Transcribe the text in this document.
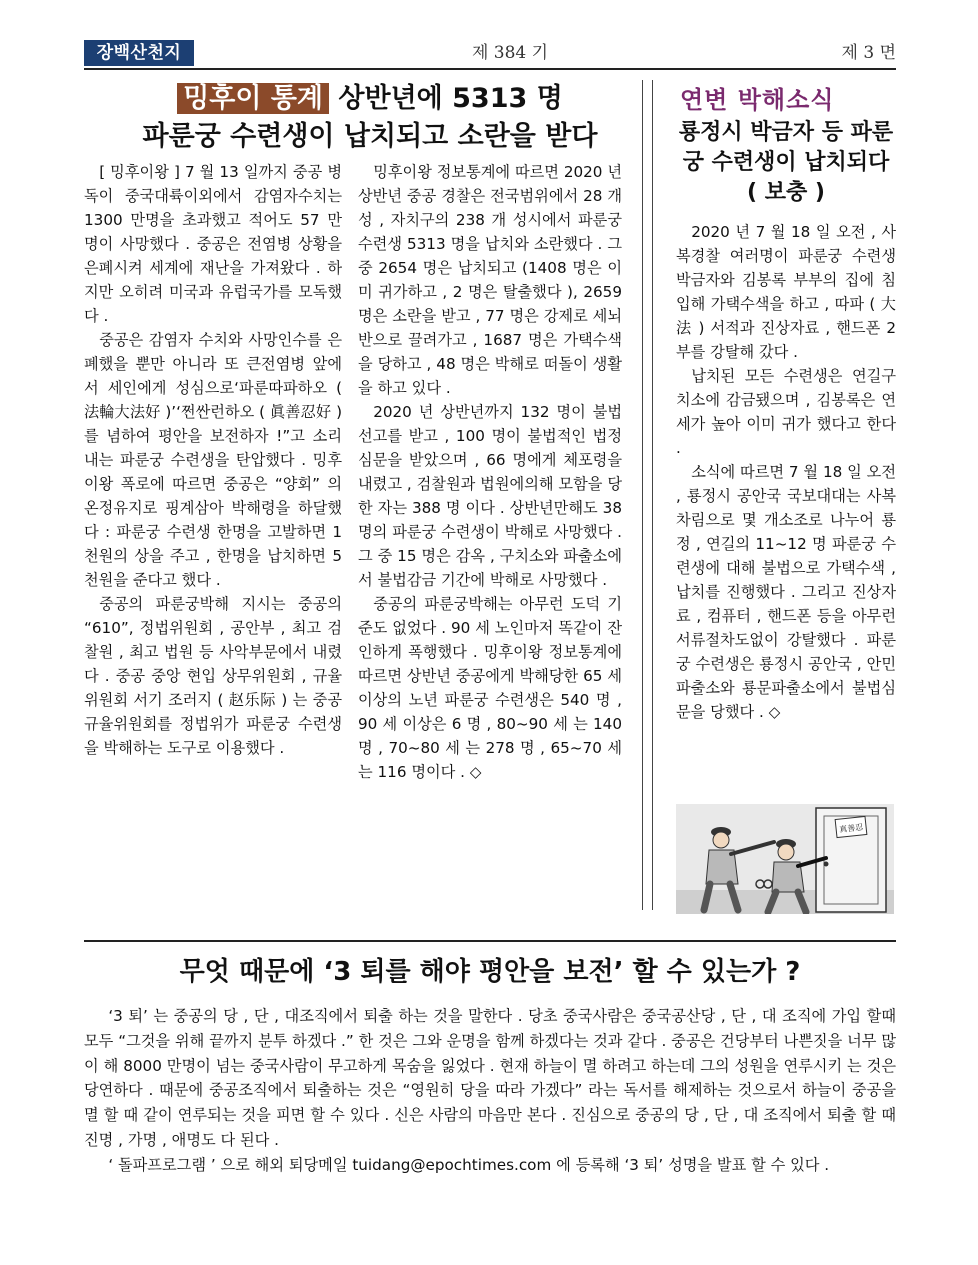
장백산천지	제 384 기	제 3 면
밍후이 통계 상반년에 5313 명
파룬궁 수련생이 납치되고 소란을 받다

[ 밍후이왕 ] 7 월 13 일까지 중공 병독이 중국대륙이외에서 감염자수치는 1300 만명을 초과했고 적어도 57 만명이 사망했다 . 중공은 전염병 상황을 은폐시켜 세계에 재난을 가져왔다 . 하지만 오히려 미국과 유럽국가를 모독했다 .

중공은 감염자 수치와 사망인수를 은폐했을 뿐만 아니라 또 큰전염병 앞에서 세인에게 성심으로‘파룬따파하오 ( 法輪大法好 )’‘쩐싼런하오 ( 眞善忍好 ) 를 념하여 평안을 보전하자 !”고 소리내는 파룬궁 수련생을 탄압했다 . 밍후이왕 폭로에 따르면 중공은 “양회” 의 온정유지로 핑계삼아 박해령을 하달했다 : 파룬궁 수련생 한명을 고발하면 1 천원의 상을 주고 , 한명을 납치하면 5 천원을 준다고 했다 .

중공의 파룬궁박해 지시는 중공의 “610”, 정법위원회 , 공안부 , 최고 검찰원 , 최고 법원 등 사악부문에서 내렸다 . 중공 중앙 현입 상무위원회 , 규율위원회 서기 조러지 ( 赵乐际 ) 는 중공 규율위원회를 정법위가 파룬궁 수련생을 박해하는 도구로 이용했다 .

밍후이왕 정보통계에 따르면 2020 년 상반년 중공 경찰은 전국범위에서 28 개성 , 자치구의 238 개 성시에서 파룬궁 수련생 5313 명을 납치와 소란했다 . 그중 2654 명은 납치되고 (1408 명은 이미 귀가하고 , 2 명은 탈출했다 ), 2659 명은 소란을 받고 , 77 명은 강제로 세뇌반으로 끌려가고 , 1687 명은 가택수색을 당하고 , 48 명은 박해로 떠돌이 생활을 하고 있다 .

2020 년 상반년까지 132 명이 불법 선고를 받고 , 100 명이 불법적인 법정 심문을 받았으며 , 66 명에게 체포령을 내렸고 , 검찰원과 법원에의해 모함을 당한 자는 388 명 이다 . 상반년만해도 38 명의 파룬궁 수련생이 박해로 사망했다 . 그 중 15 명은 감옥 , 구치소와 파출소에서 불법감금 기간에 박해로 사망했다 .

중공의 파룬궁박해는 아무런 도덕 기준도 없었다 . 90 세 노인마저 똑같이 잔인하게 폭행했다 . 밍후이왕 정보통계에 따르면 상반년 중공에게 박해당한 65 세이상의 노년 파룬궁 수련생은 540 명 , 90 세 이상은 6 명 , 80~90 세 는 140 명 , 70~80 세 는 278 명 , 65~70 세는 116 명이다 . ◇

연변 박해소식
룡정시 박금자 등 파룬궁 수련생이 납치되다 ( 보충 )

2020 년 7 월 18 일 오전 , 사복경찰 여러명이 파룬궁 수련생 박금자와 김봉록 부부의 집에 침입해 가택수색을 하고 , 따파 ( 大法 ) 서적과 진상자료 , 핸드폰 2 부를 강탈해 갔다 .

납치된 모든 수련생은 연길구치소에 감금됐으며 , 김봉록은 연세가 높아 이미 귀가 했다고 한다 .

소식에 따르면 7 월 18 일 오전 , 룡정시 공안국 국보대대는 사복차림으로 몇 개소조로 나누어 룡정 , 연길의 11~12 명 파룬궁 수련생에 대해 불법으로 가택수색 , 납치를 진행했다 . 그리고 진상자료 , 컴퓨터 , 핸드폰 등을 아무런 서류절차도없이 강탈했다 . 파룬궁 수련생은 룡정시 공안국 , 안민파출소와 룡문파출소에서 불법심문을 당했다 . ◇

真善忍
무엇 때문에 ‘3 퇴를 해야 평안을 보전’ 할 수 있는가 ?

‘3 퇴’ 는 중공의 당 , 단 , 대조직에서 퇴출 하는 것을 말한다 . 당초 중국사람은 중국공산당 , 단 , 대 조직에 가입 할때 모두 “그것을 위해 끝까지 분투 하겠다 .” 한 것은 그와 운명을 함께 하겠다는 것과 같다 . 중공은 건당부터 나쁜짓을 너무 많이 해 8000 만명이 넘는 중국사람이 무고하게 목숨을 잃었다 . 현재 하늘이 멸 하려고 하는데 그의 성원을 연루시키 는 것은 당연하다 . 때문에 중공조직에서 퇴출하는 것은 “영원히 당을 따라 가겠다” 라는 독서를 해제하는 것으로서 하늘이 중공을 멸 할 때 같이 연루되는 것을 피면 할 수 있다 . 신은 사람의 마음만 본다 . 진심으로 중공의 당 , 단 , 대 조직에서 퇴출 할 때 진명 , 가명 , 애명도 다 된다 .

‘ 돌파프로그램 ’ 으로 해외 퇴당메일 tuidang@epochtimes.com 에 등록해 ‘3 퇴’ 성명을 발표 할 수 있다 .
